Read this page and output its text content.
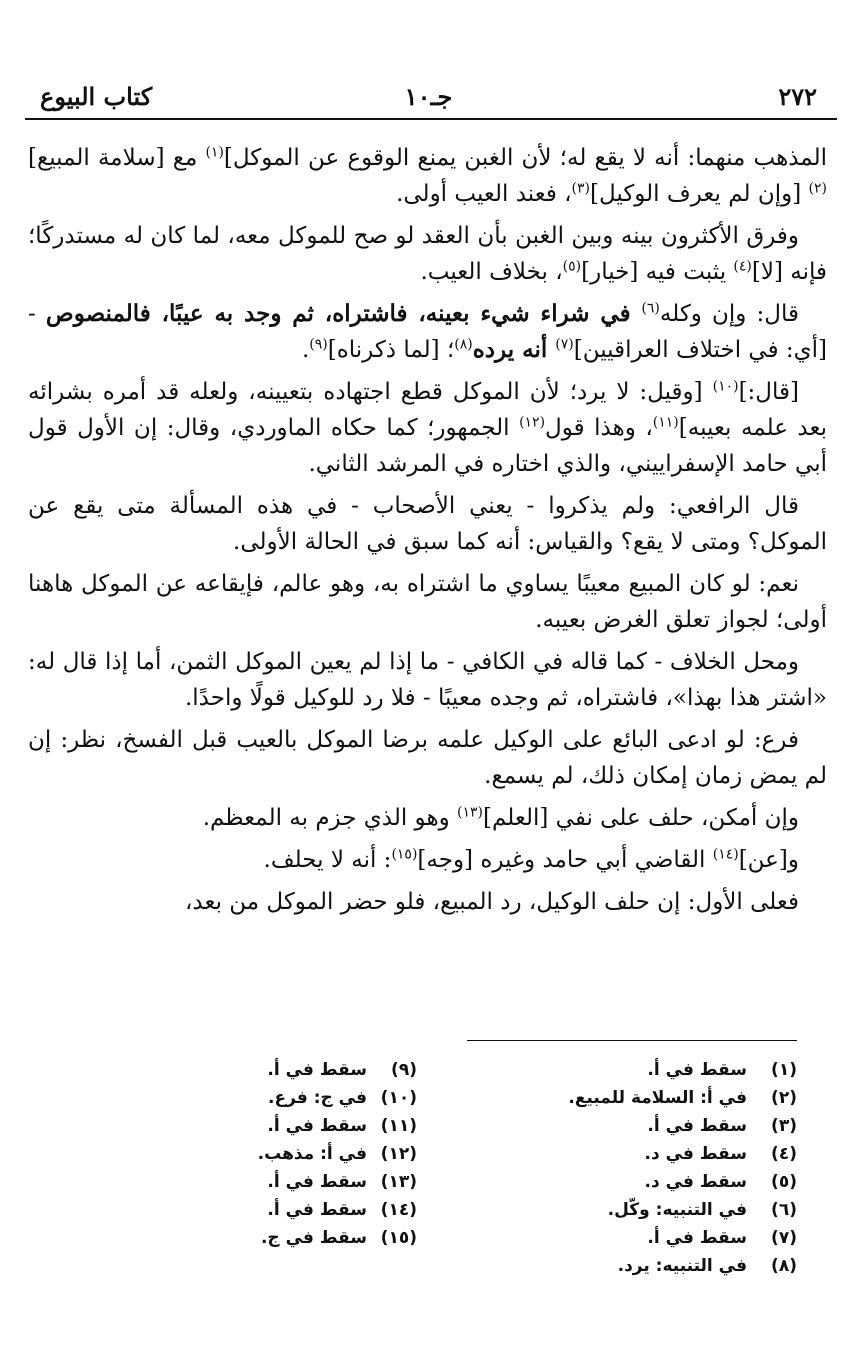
٢٧٢
جـ١٠
كتاب البيوع

المذهب منهما: أنه لا يقع له؛ لأن الغبن يمنع الوقوع عن الموكل]$^{(١)}$ مع [سلامة المبيع]$^{(٢)}$ [وإن لم يعرف الوكيل]$^{(٣)}$، فعند العيب أولى.

وفرق الأكثرون بينه وبين الغبن بأن العقد لو صح للموكل معه، لما كان له مستدركًا؛ فإنه [لا]$^{(٤)}$ يثبت فيه [خيار]$^{(٥)}$، بخلاف العيب.

قال: وإن وكله$^{(٦)}$ في شراء شيء بعينه، فاشتراه، ثم وجد به عيبًا، فالمنصوص - [أي: في اختلاف العراقيين]$^{(٧)}$ أنه يرده$^{(٨)}$؛ [لما ذكرناه]$^{(٩)}$.

[قال:]$^{(١٠)}$ [وقيل: لا يرد؛ لأن الموكل قطع اجتهاده بتعيينه، ولعله قد أمره بشرائه بعد علمه بعيبه]$^{(١١)}$، وهذا قول$^{(١٢)}$ الجمهور؛ كما حكاه الماوردي، وقال: إن الأول قول أبي حامد الإسفراييني، والذي اختاره في المرشد الثاني.

قال الرافعي: ولم يذكروا - يعني الأصحاب - في هذه المسألة متى يقع عن الموكل؟ ومتى لا يقع؟ والقياس: أنه كما سبق في الحالة الأولى.

نعم: لو كان المبيع معيبًا يساوي ما اشتراه به، وهو عالم، فإيقاعه عن الموكل هاهنا أولى؛ لجواز تعلق الغرض بعيبه.

ومحل الخلاف - كما قاله في الكافي - ما إذا لم يعين الموكل الثمن، أما إذا قال له: «اشتر هذا بهذا»، فاشتراه، ثم وجده معيبًا - فلا رد للوكيل قولًا واحدًا.

فرع: لو ادعى البائع على الوكيل علمه برضا الموكل بالعيب قبل الفسخ، نظر: إن لم يمض زمان إمكان ذلك، لم يسمع.

وإن أمكن، حلف على نفي [العلم]$^{(١٣)}$ وهو الذي جزم به المعظم.

و[عن]$^{(١٤)}$ القاضي أبي حامد وغيره [وجه]$^{(١٥)}$: أنه لا يحلف.

فعلى الأول: إن حلف الوكيل، رد المبيع، فلو حضر الموكل من بعد،

(١)سقط في أ.
(٢)في أ: السلامة للمبيع.
(٣)سقط في أ.
(٤)سقط في د.
(٥)سقط في د.
(٦)في التنبيه: وكّل.
(٧)سقط في أ.
(٨)في التنبيه: يرد.
(٩)سقط في أ.
(١٠)في ج: فرع.
(١١)سقط في أ.
(١٢)في أ: مذهب.
(١٣)سقط في أ.
(١٤)سقط في أ.
(١٥)سقط في ج.
